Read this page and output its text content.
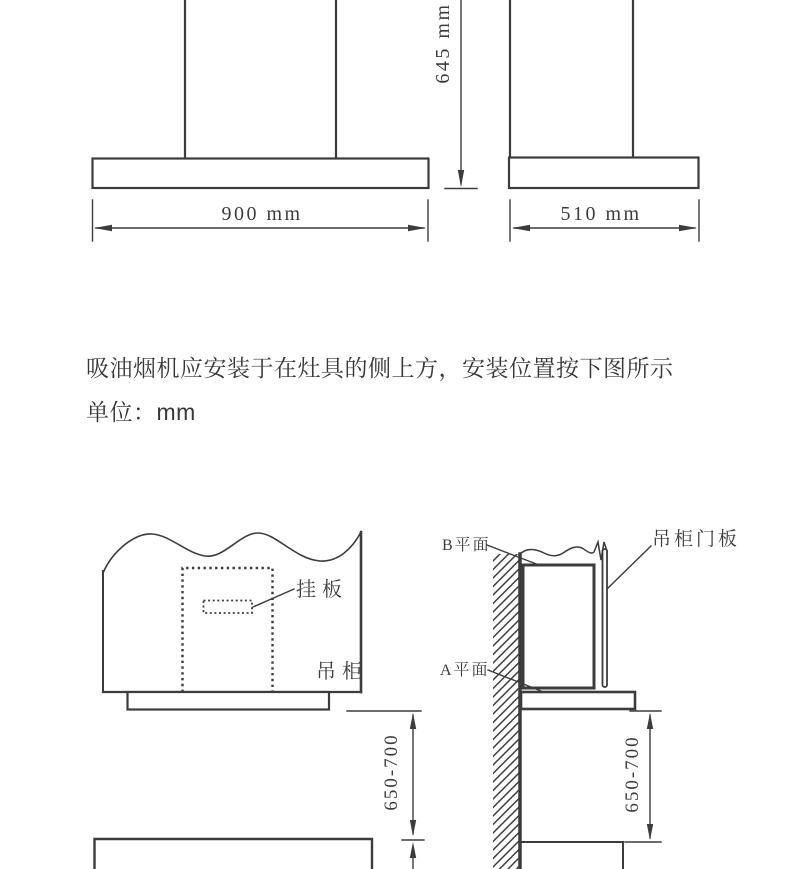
900 mm
645 mm
510 mm
吸油烟机应安装于在灶具的侧上方，安装位置按下图所示
单位：mm
挂板
吊柜
650-700
B平面
A平面
吊柜门板
650-700
